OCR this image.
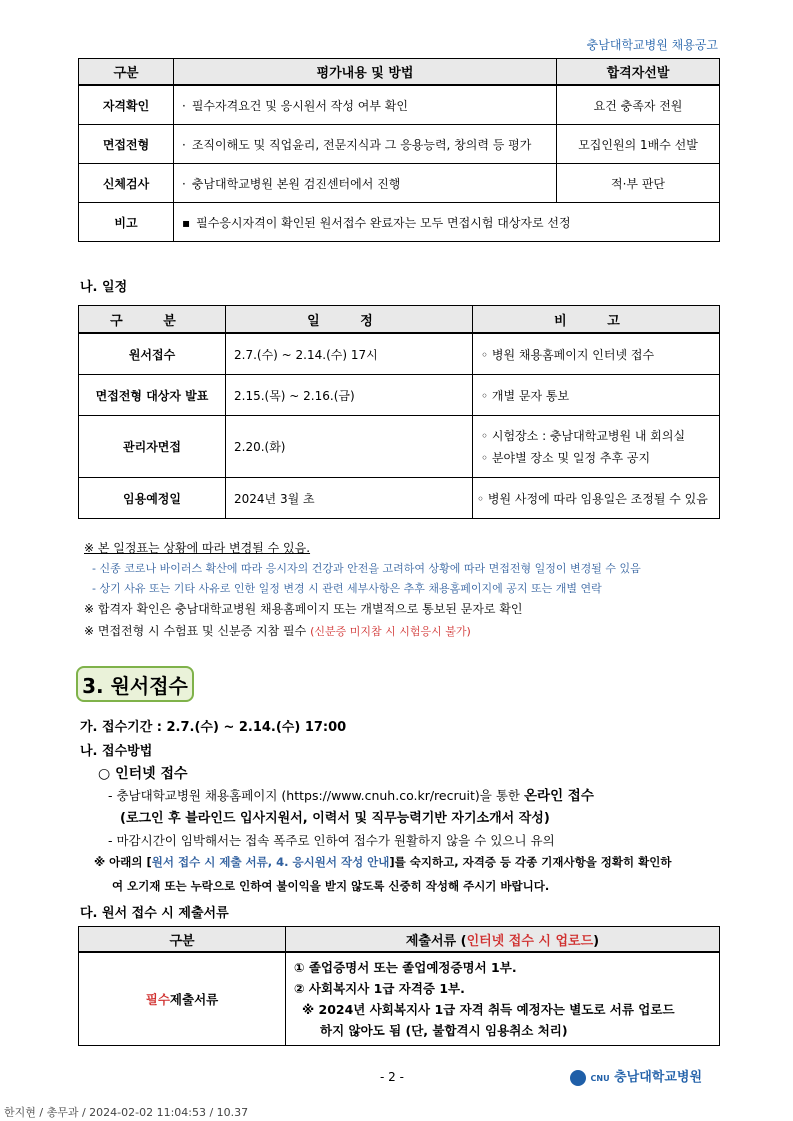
충남대학교병원 채용공고
구분	평가내용 및 방법	합격자선발
자격확인	· 필수자격요건 및 응시원서 작성 여부 확인	요건 충족자 전원
면접전형	· 조직이해도 및 직업윤리, 전문지식과 그 응용능력, 창의력 등 평가	모집인원의 1배수 선발
신체검사	· 충남대학교병원 본원 검진센터에서 진행	적·부 판단
비고	▪ 필수응시자격이 확인된 원서접수 완료자는 모두 면접시험 대상자로 선정	
나. 일정
구 분	일 정	비 고
원서접수	2.7.(수) ~ 2.14.(수) 17시	◦ 병원 채용홈페이지 인터넷 접수
면접전형 대상자 발표	2.15.(목) ~ 2.16.(금)	◦ 개별 문자 통보
관리자면접	2.20.(화)	◦ 시험장소 : 충남대학교병원 내 회의실
◦ 분야별 장소 및 일정 추후 공지
임용예정일	2024년 3월 초	◦ 병원 사정에 따라 임용일은 조정될 수 있음
※ 본 일정표는 상황에 따라 변경될 수 있음.
- 신종 코로나 바이러스 확산에 따라 응시자의 건강과 안전을 고려하여 상황에 따라 면접전형 일정이 변경될 수 있음
- 상기 사유 또는 기타 사유로 인한 일정 변경 시 관련 세부사항은 추후 채용홈페이지에 공지 또는 개별 연락
※ 합격자 확인은 충남대학교병원 채용홈페이지 또는 개별적으로 통보된 문자로 확인
※ 면접전형 시 수험표 및 신분증 지참 필수 (신분증 미지참 시 시험응시 불가)
3. 원서접수
가. 접수기간 : 2.7.(수) ~ 2.14.(수) 17:00
나. 접수방법
○ 인터넷 접수
- 충남대학교병원 채용홈페이지 (https://www.cnuh.co.kr/recruit)을 통한 온라인 접수
(로그인 후 블라인드 입사지원서, 이력서 및 직무능력기반 자기소개서 작성)
- 마감시간이 임박해서는 접속 폭주로 인하여 접수가 원활하지 않을 수 있으니 유의
※ 아래의 [원서 접수 시 제출 서류, 4. 응시원서 작성 안내]를 숙지하고, 자격증 등 각종 기재사항을 정확히 확인하
여 오기재 또는 누락으로 인하여 불이익을 받지 않도록 신중히 작성해 주시기 바랍니다.
다. 원서 접수 시 제출서류
구분	제출서류 (인터넷 접수 시 업로드)
필수제출서류	① 졸업증명서 또는 졸업예정증명서 1부.
② 사회복지사 1급 자격증 1부.
※ 2024년 사회복지사 1급 자격 취득 예정자는 별도로 서류 업로드
하지 않아도 됨 (단, 불합격시 임용취소 처리)
- 2 -	CNU 충남대학교병원
한지현 / 총무과 / 2024-02-02 11:04:53 / 10.37
